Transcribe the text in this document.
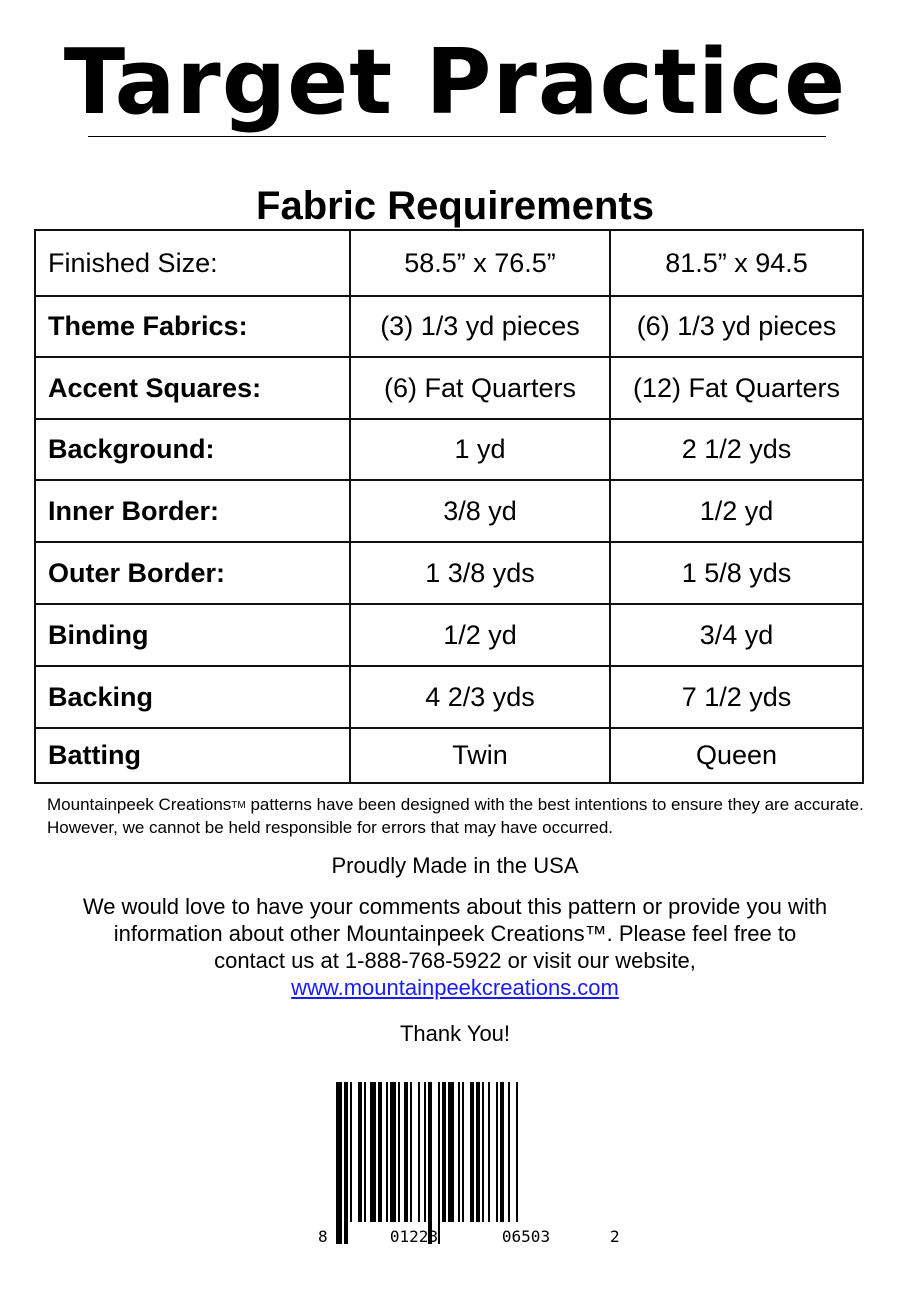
Target Practice
Fabric Requirements
Finished Size:	58.5” x 76.5”	81.5” x 94.5
Theme Fabrics:	(3) 1/3 yd pieces	(6) 1/3 yd pieces
Accent Squares:	(6) Fat Quarters	(12) Fat Quarters
Background:	1 yd	2 1/2 yds
Inner Border:	3/8 yd	1/2 yd
Outer Border:	1 3/8 yds	1 5/8 yds
Binding	1/2 yd	3/4 yd
Backing	4 2/3 yds	7 1/2 yds
Batting	Twin	Queen
Mountainpeek CreationsTM patterns have been designed with the best intentions to ensure they are accurate. However, we cannot be held responsible for errors that may have occurred.
Proudly Made in the USA
We would love to have your comments about this pattern or provide you with
information about other Mountainpeek Creations™. Please feel free to
contact us at 1-888-768-5922 or visit our website,
www.mountainpeekcreations.com
Thank You!
8	01223	06503	2
